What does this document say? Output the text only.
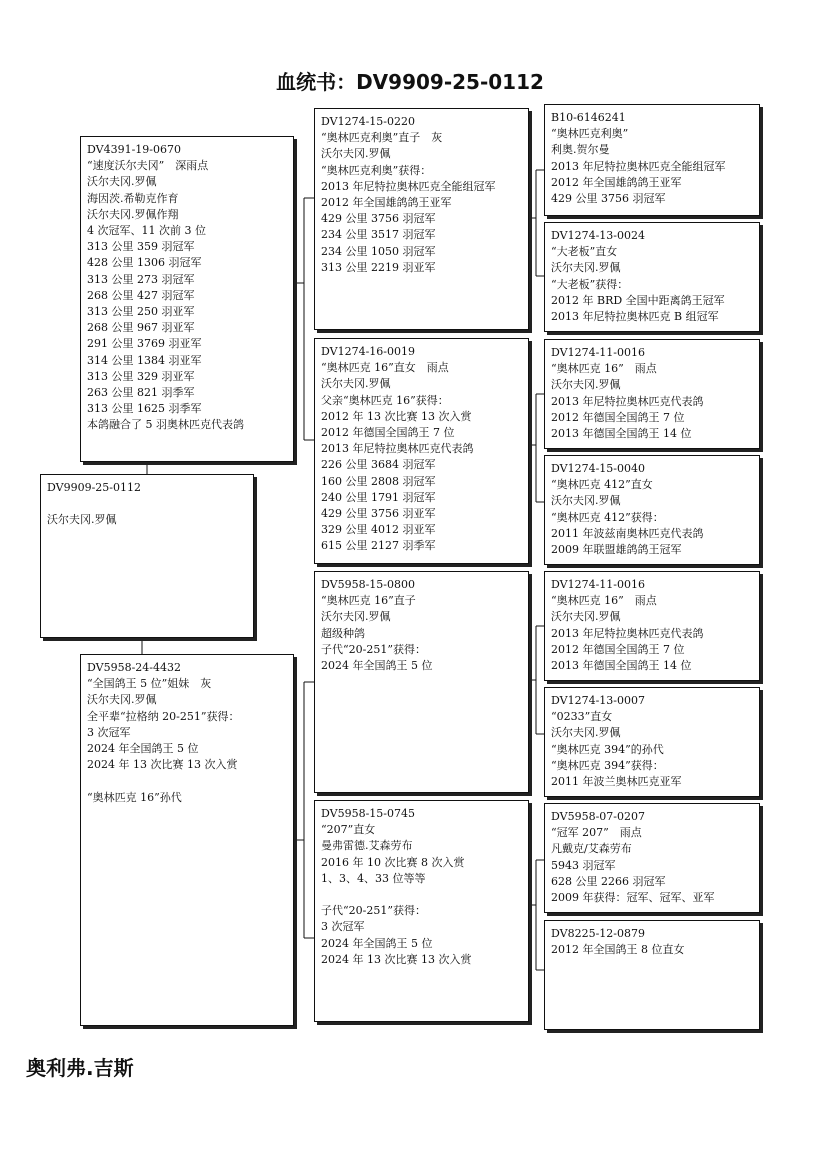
血统书：DV9909-25-0112
DV9909-25-0112
沃尔夫冈.罗佩
DV4391-19-0670
“速度沃尔夫冈”　深雨点
沃尔夫冈.罗佩
海因茨.希勒克作育
沃尔夫冈.罗佩作翔
4 次冠军、11 次前 3 位
313 公里 359 羽冠军
428 公里 1306 羽冠军
313 公里 273 羽冠军
268 公里 427 羽冠军
313 公里 250 羽亚军
268 公里 967 羽亚军
291 公里 3769 羽亚军
314 公里 1384 羽亚军
313 公里 329 羽亚军
263 公里 821 羽季军
313 公里 1625 羽季军
本鸽融合了 5 羽奥林匹克代表鸽
DV5958-24-4432
“全国鸽王 5 位”姐妹　灰
沃尔夫冈.罗佩
全平辈“拉格纳 20-251”获得：
3 次冠军
2024 年全国鸽王 5 位
2024 年 13 次比赛 13 次入赏
“奥林匹克 16”孙代
DV1274-15-0220
“奥林匹克利奥”直子　灰
沃尔夫冈.罗佩
“奥林匹克利奥”获得：
2013 年尼特拉奥林匹克全能组冠军
2012 年全国雄鸽鸽王亚军
429 公里 3756 羽冠军
234 公里 3517 羽冠军
234 公里 1050 羽冠军
313 公里 2219 羽亚军
DV1274-16-0019
“奥林匹克 16”直女　雨点
沃尔夫冈.罗佩
父亲“奥林匹克 16”获得：
2012 年 13 次比赛 13 次入赏
2012 年德国全国鸽王 7 位
2013 年尼特拉奥林匹克代表鸽
226 公里 3684 羽冠军
160 公里 2808 羽冠军
240 公里 1791 羽冠军
429 公里 3756 羽亚军
329 公里 4012 羽亚军
615 公里 2127 羽季军
DV5958-15-0800
“奥林匹克 16”直子
沃尔夫冈.罗佩
超级种鸽
子代“20-251”获得：
2024 年全国鸽王 5 位
DV5958-15-0745
“207”直女
曼弗雷德.艾森劳布
2016 年 10 次比赛 8 次入赏
1、3、4、33 位等等
子代“20-251”获得：
3 次冠军
2024 年全国鸽王 5 位
2024 年 13 次比赛 13 次入赏
B10-6146241
“奥林匹克利奥”
利奥.贺尔曼
2013 年尼特拉奥林匹克全能组冠军
2012 年全国雄鸽鸽王亚军
429 公里 3756 羽冠军
DV1274-13-0024
“大老板”直女
沃尔夫冈.罗佩
“大老板”获得：
2012 年 BRD 全国中距离鸽王冠军
2013 年尼特拉奥林匹克 B 组冠军
DV1274-11-0016
“奥林匹克 16”　雨点
沃尔夫冈.罗佩
2013 年尼特拉奥林匹克代表鸽
2012 年德国全国鸽王 7 位
2013 年德国全国鸽王 14 位
DV1274-15-0040
“奥林匹克 412”直女
沃尔夫冈.罗佩
“奥林匹克 412”获得：
2011 年波兹南奥林匹克代表鸽
2009 年联盟雄鸽鸽王冠军
DV1274-11-0016
“奥林匹克 16”　雨点
沃尔夫冈.罗佩
2013 年尼特拉奥林匹克代表鸽
2012 年德国全国鸽王 7 位
2013 年德国全国鸽王 14 位
DV1274-13-0007
“0233”直女
沃尔夫冈.罗佩
“奥林匹克 394”的孙代
“奥林匹克 394”获得：
2011 年波兰奥林匹克亚军
DV5958-07-0207
“冠军 207”　雨点
凡戴克/艾森劳布
5943 羽冠军
628 公里 2266 羽冠军
2009 年获得：冠军、冠军、亚军
DV8225-12-0879
2012 年全国鸽王 8 位直女
奥利弗.吉斯
